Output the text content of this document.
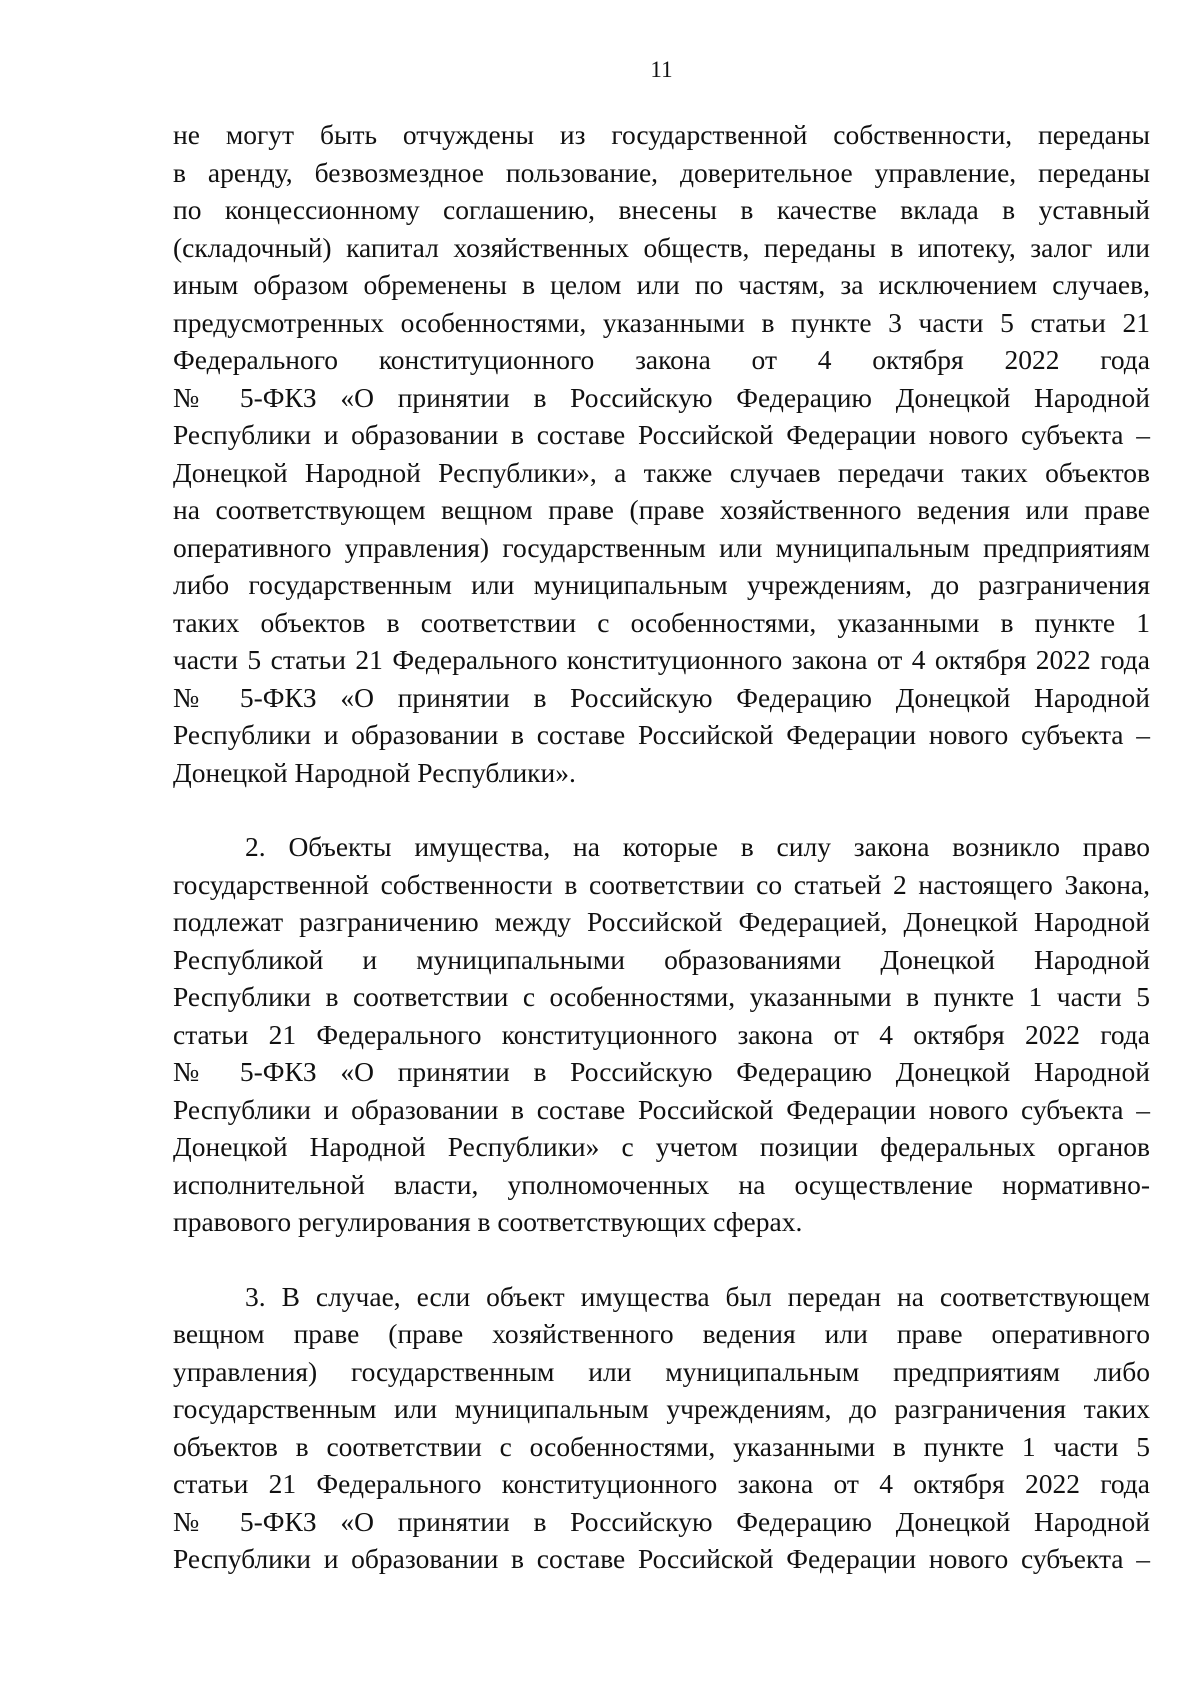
11
не могут быть отчуждены из государственной собственности, переданы
в аренду, безвозмездное пользование, доверительное управление, переданы
по концессионному соглашению, внесены в качестве вклада в уставный
(складочный) капитал хозяйственных обществ, переданы в ипотеку, залог или
иным образом обременены в целом или по частям, за исключением случаев,
предусмотренных особенностями, указанными в пункте 3 части 5 статьи 21
Федерального конституционного закона от 4 октября 2022 года
№ 5-ФКЗ «О принятии в Российскую Федерацию Донецкой Народной
Республики и образовании в составе Российской Федерации нового субъекта –
Донецкой Народной Республики», а также случаев передачи таких объектов
на соответствующем вещном праве (праве хозяйственного ведения или праве
оперативного управления) государственным или муниципальным предприятиям
либо государственным или муниципальным учреждениям, до разграничения
таких объектов в соответствии с особенностями, указанными в пункте 1
части 5 статьи 21 Федерального конституционного закона от 4 октября 2022 года
№ 5-ФКЗ «О принятии в Российскую Федерацию Донецкой Народной
Республики и образовании в составе Российской Федерации нового субъекта –
Донецкой Народной Республики».
2. Объекты имущества, на которые в силу закона возникло право
государственной собственности в соответствии со статьей 2 настоящего Закона,
подлежат разграничению между Российской Федерацией, Донецкой Народной
Республикой и муниципальными образованиями Донецкой Народной
Республики в соответствии с особенностями, указанными в пункте 1 части 5
статьи 21 Федерального конституционного закона от 4 октября 2022 года
№ 5-ФКЗ «О принятии в Российскую Федерацию Донецкой Народной
Республики и образовании в составе Российской Федерации нового субъекта –
Донецкой Народной Республики» с учетом позиции федеральных органов
исполнительной власти, уполномоченных на осуществление нормативно-
правового регулирования в соответствующих сферах.
3. В случае, если объект имущества был передан на соответствующем
вещном праве (праве хозяйственного ведения или праве оперативного
управления) государственным или муниципальным предприятиям либо
государственным или муниципальным учреждениям, до разграничения таких
объектов в соответствии с особенностями, указанными в пункте 1 части 5
статьи 21 Федерального конституционного закона от 4 октября 2022 года
№ 5-ФКЗ «О принятии в Российскую Федерацию Донецкой Народной
Республики и образовании в составе Российской Федерации нового субъекта –
